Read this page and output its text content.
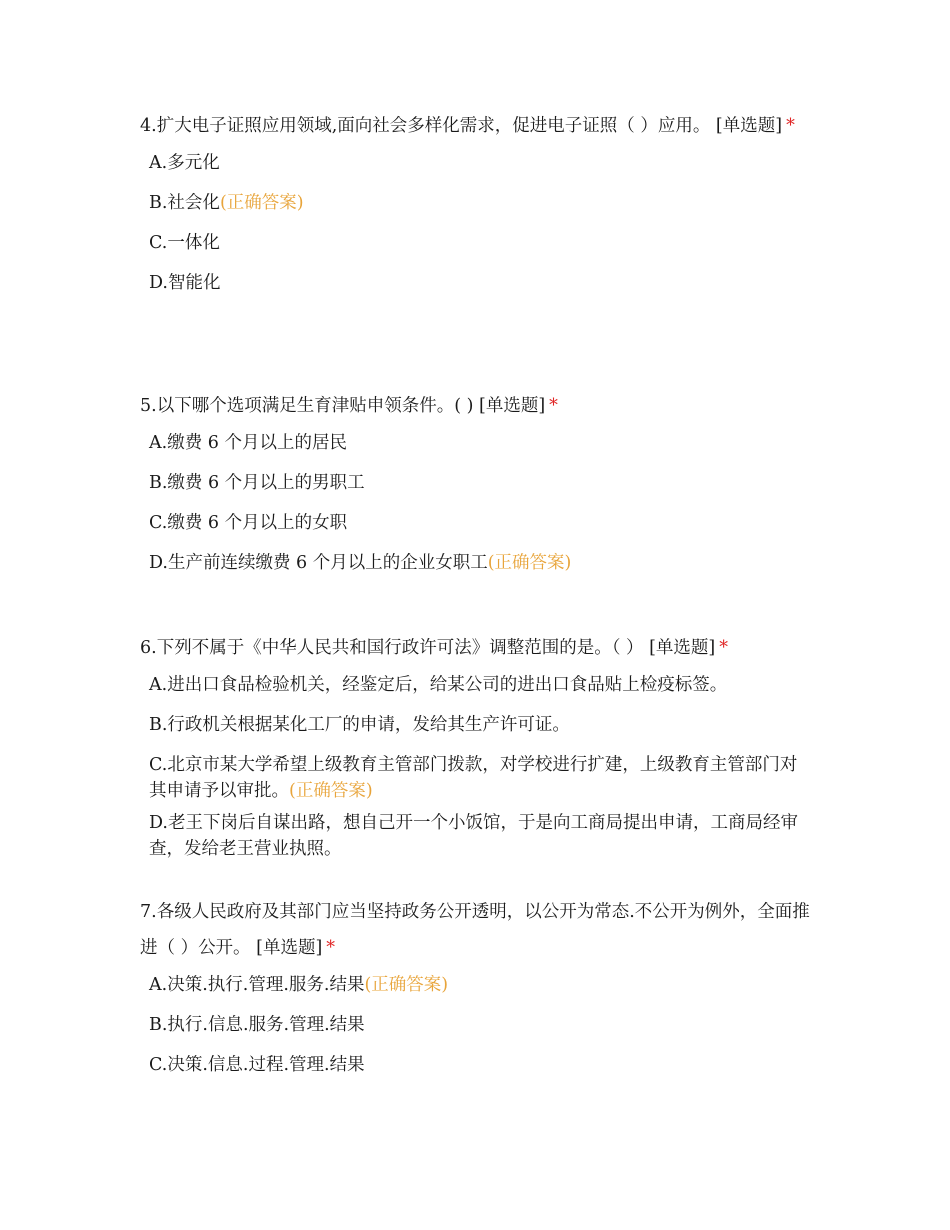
4.扩大电子证照应用领域,面向社会多样化需求，促进电子证照（ ）应用。 [单选题] *

A.多元化
B.社会化(正确答案)
C.一体化
D.智能化

5.以下哪个选项满足生育津贴申领条件。( ) [单选题] *

A.缴费 6 个月以上的居民
B.缴费 6 个月以上的男职工
C.缴费 6 个月以上的女职
D.生产前连续缴费 6 个月以上的企业女职工(正确答案)

6.下列不属于《中华人民共和国行政许可法》调整范围的是。（ ） [单选题] *

A.进出口食品检验机关，经鉴定后，给某公司的进出口食品贴上检疫标签。
B.行政机关根据某化工厂的申请，发给其生产许可证。
C.北京市某大学希望上级教育主管部门拨款，对学校进行扩建，上级教育主管部门对其申请予以审批。(正确答案)
D.老王下岗后自谋出路，想自己开一个小饭馆，于是向工商局提出申请，工商局经审查，发给老王营业执照。

7.各级人民政府及其部门应当坚持政务公开透明，以公开为常态.不公开为例外，全面推进（ ）公开。 [单选题] *

A.决策.执行.管理.服务.结果(正确答案)
B.执行.信息.服务.管理.结果
C.决策.信息.过程.管理.结果
